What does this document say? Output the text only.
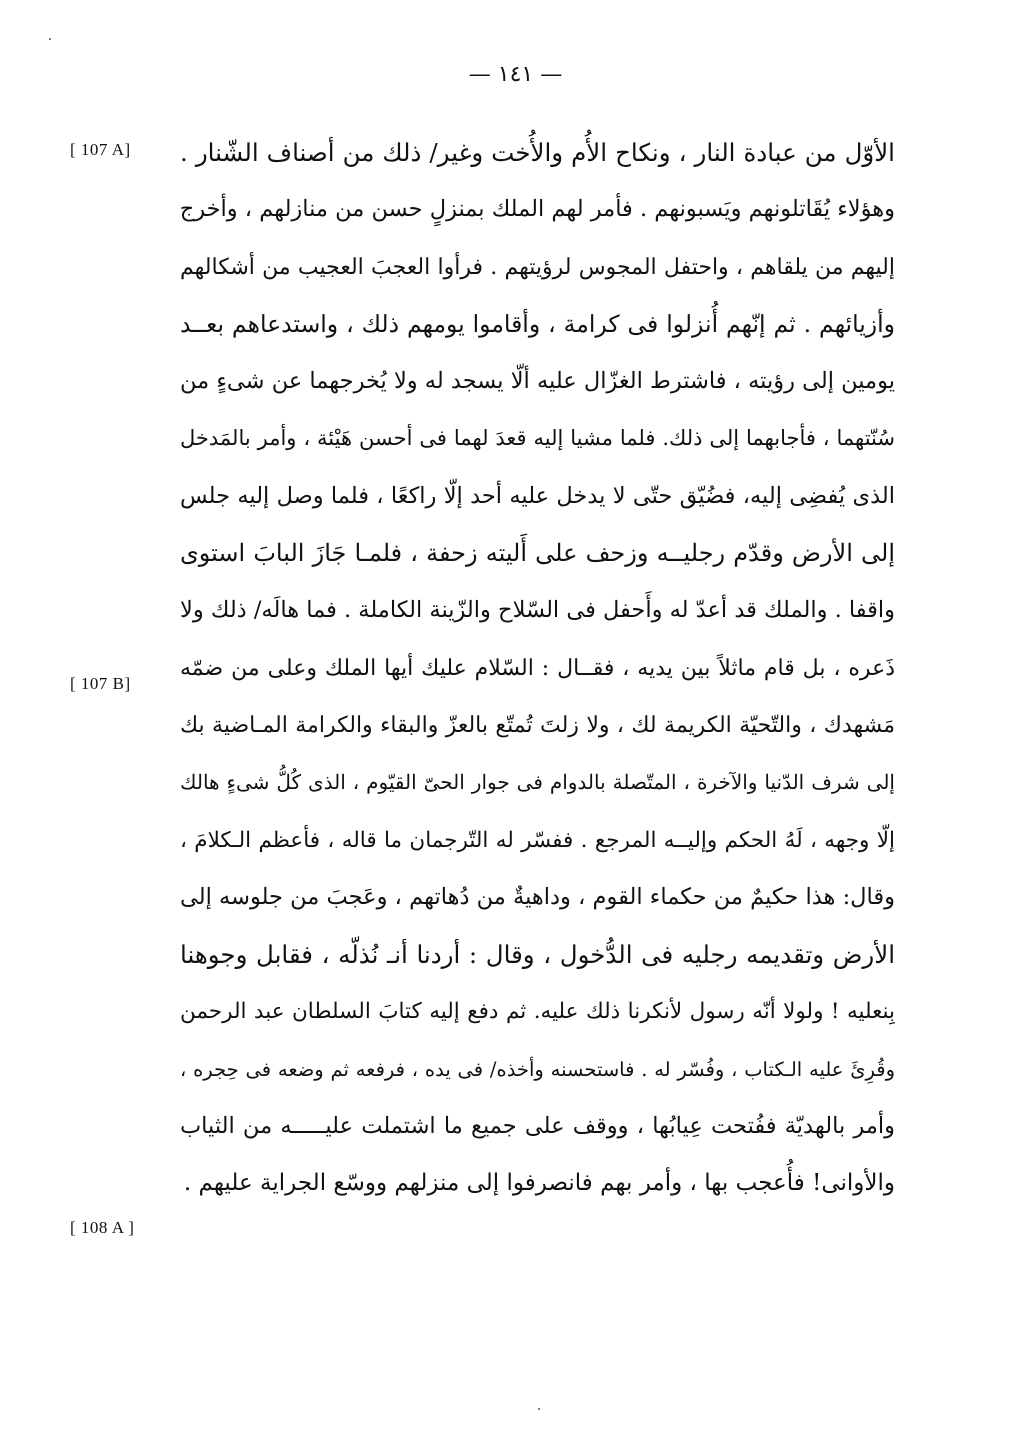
— ١٤١ —
[ 107 A]
[ 107 B]
[ 108 A ]
الأوّل من عبادة النار ، ونكاح الأُم والأُخت وغير/ ذلك من أصناف الشّنار .
وهؤلاء يُقَاتلونهم ويَسبونهم . فأمر لهم الملك بمنزلٍ حسن من منازلهم ، وأخرج
إليهم من يلقاهم ، واحتفل المجوس لرؤيتهم . فرأوا العجبَ العجيب من أشكالهم
وأزيائهم . ثم إنّهم أُنزلوا فى كرامة ، وأقاموا يومهم ذلك ، واستدعاهم بعــد
يومين إلى رؤيته ، فاشترط الغزّال عليه ألّا يسجد له ولا يُخرجهما عن شىءٍ من
سُنّتهما ، فأجابهما إلى ذلك. فلما مشيا إليه قعدَ لهما فى أحسن هَيْئة ، وأمر بالمَدخل
الذى يُفضِى إليه، فضُيّق حتّى لا يدخل عليه أحد إلّا راكعًا ، فلما وصل إليه جلس
إلى الأرض وقدّم رجليــه وزحف على أَليته زحفة ، فلمـا جَازَ البابَ استوى
واقفا . والملك قد أعدّ له وأَحفل فى السّلاح والزّينة الكاملة . فما هالَه/ ذلك ولا
ذَعره ، بل قام ماثلاً بين يديه ، فقــال : السّلام عليك أيها الملك وعلى من ضمّه
مَشهدك ، والتّحيّة الكريمة لك ، ولا زلتَ تُمتّع بالعزّ والبقاء والكرامة المـاضية بك
إلى شرف الدّنيا والآخرة ، المتّصلة بالدوام فى جوار الحىّ القيّوم ، الذى كُلُّ شىءٍ هالك
إلّا وجهه ، لَهُ الحكم وإليــه المرجع . ففسّر له التّرجمان ما قاله ، فأعظم الـكلامَ ،
وقال: هذا حكيمٌ من حكماء القوم ، وداهيةٌ من دُهاتهم ، وعَجبَ من جلوسه إلى
الأرض وتقديمه رجليه فى الدُّخول ، وقال : أردنا أنـ نُذلّه ، فقابل وجوهنا
بِنعليه ! ولولا أنّه رسول لأنكرنا ذلك عليه. ثم دفع إليه كتابَ السلطان عبد الرحمن
وقُرِئَ عليه الـكتاب ، وفُسّر له . فاستحسنه وأخذه/ فى يده ، فرفعه ثم وضعه فى حِجره ،
وأمر بالهديّة ففُتحت عِيابُها ، ووقف على جميع ما اشتملت عليـــــه من الثياب
والأوانى! فأُعجب بها ، وأمر بهم فانصرفوا إلى منزلهم ووسّع الجراية عليهم .
